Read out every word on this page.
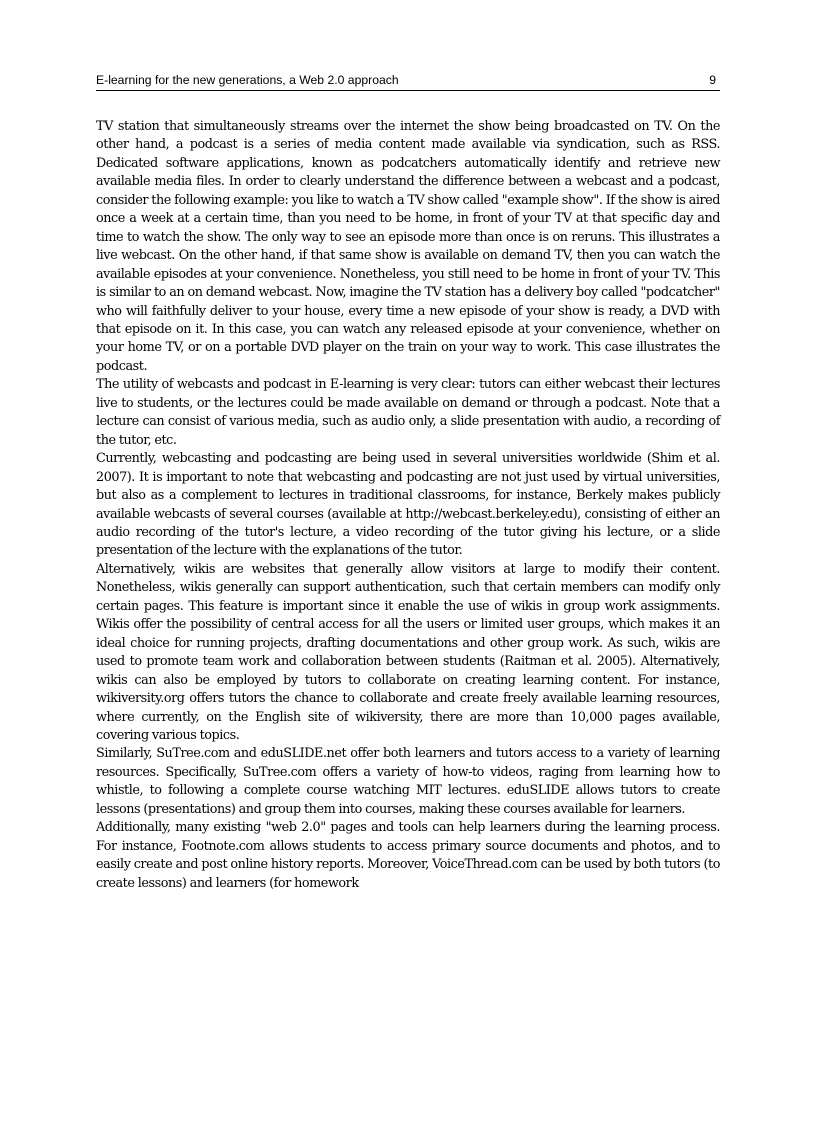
E-learning for the new generations, a Web 2.0 approach	9

TV station that simultaneously streams over the internet the show being broadcasted on TV. On the other hand, a podcast is a series of media content made available via syndication, such as RSS. Dedicated software applications, known as podcatchers automatically identify and retrieve new available media files. In order to clearly understand the difference between a webcast and a podcast, consider the following example: you like to watch a TV show called "example show". If the show is aired once a week at a certain time, than you need to be home, in front of your TV at that specific day and time to watch the show. The only way to see an episode more than once is on reruns. This illustrates a live webcast. On the other hand, if that same show is available on demand TV, then you can watch the available episodes at your convenience. Nonetheless, you still need to be home in front of your TV. This is similar to an on demand webcast. Now, imagine the TV station has a delivery boy called "podcatcher" who will faithfully deliver to your house, every time a new episode of your show is ready, a DVD with that episode on it. In this case, you can watch any released episode at your convenience, whether on your home TV, or on a portable DVD player on the train on your way to work. This case illustrates the podcast.

The utility of webcasts and podcast in E-learning is very clear: tutors can either webcast their lectures live to students, or the lectures could be made available on demand or through a podcast. Note that a lecture can consist of various media, such as audio only, a slide presentation with audio, a recording of the tutor, etc.

Currently, webcasting and podcasting are being used in several universities worldwide (Shim et al. 2007). It is important to note that webcasting and podcasting are not just used by virtual universities, but also as a complement to lectures in traditional classrooms, for instance, Berkely makes publicly available webcasts of several courses (available at http://webcast.berkeley.edu), consisting of either an audio recording of the tutor's lecture, a video recording of the tutor giving his lecture, or a slide presentation of the lecture with the explanations of the tutor.

Alternatively, wikis are websites that generally allow visitors at large to modify their content. Nonetheless, wikis generally can support authentication, such that certain members can modify only certain pages. This feature is important since it enable the use of wikis in group work assignments. Wikis offer the possibility of central access for all the users or limited user groups, which makes it an ideal choice for running projects, drafting documentations and other group work. As such, wikis are used to promote team work and collaboration between students (Raitman et al. 2005). Alternatively, wikis can also be employed by tutors to collaborate on creating learning content. For instance, wikiversity.org offers tutors the chance to collaborate and create freely available learning resources, where currently, on the English site of wikiversity, there are more than 10,000 pages available, covering various topics.

Similarly, SuTree.com and eduSLIDE.net offer both learners and tutors access to a variety of learning resources. Specifically, SuTree.com offers a variety of how-to videos, raging from learning how to whistle, to following a complete course watching MIT lectures. eduSLIDE allows tutors to create lessons (presentations) and group them into courses, making these courses available for learners.

Additionally, many existing "web 2.0" pages and tools can help learners during the learning process. For instance, Footnote.com allows students to access primary source documents and photos, and to easily create and post online history reports. Moreover, VoiceThread.com can be used by both tutors (to create lessons) and learners (for homework
